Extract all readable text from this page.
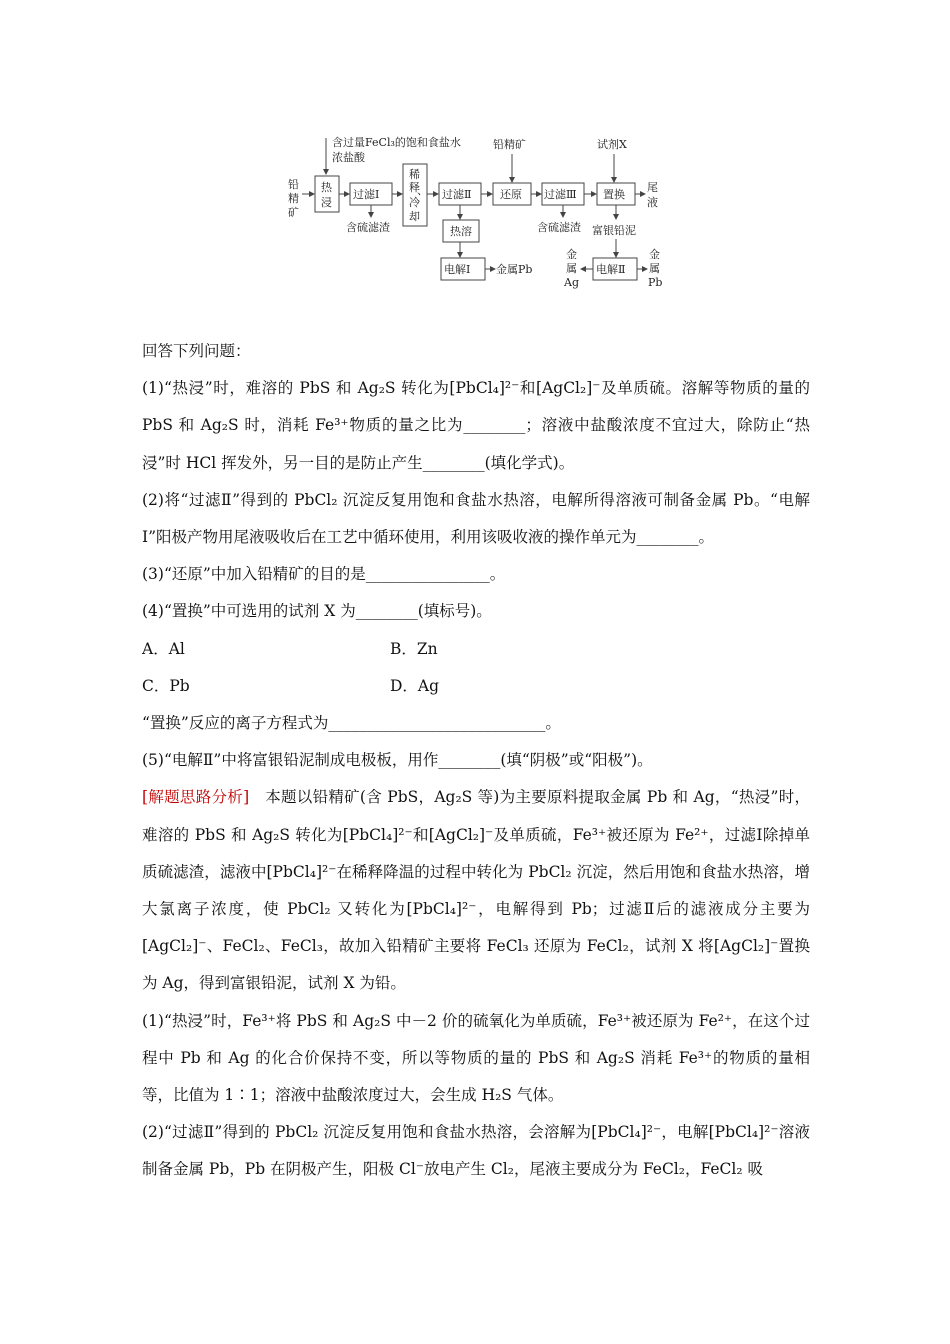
铅
精
矿
含过量FeCl₃的饱和食盐水
浓盐酸
热
浸
过滤Ⅰ
含硫滤渣
稀
释
、
冷
却
过滤Ⅱ
热溶
电解Ⅰ 金属Pb
铅精矿
还原 过滤Ⅲ
含硫滤渣
试剂X
置换
尾
液
富银铅泥
电解Ⅱ
金
属
Ag
金
属
Pb

回答下列问题：

(1)“热浸”时，难溶的 PbS 和 Ag₂S 转化为[PbCl₄]²⁻和[AgCl₂]⁻及单质硫。溶解等物质的量的 PbS 和 Ag₂S 时，消耗 Fe³⁺物质的量之比为________；溶液中盐酸浓度不宜过大，除防止“热浸”时 HCl 挥发外，另一目的是防止产生________(填化学式)。

(2)将“过滤Ⅱ”得到的 PbCl₂ 沉淀反复用饱和食盐水热溶，电解所得溶液可制备金属 Pb。“电解Ⅰ”阳极产物用尾液吸收后在工艺中循环使用，利用该吸收液的操作单元为________。

(3)“还原”中加入铅精矿的目的是________________。

(4)“置换”中可选用的试剂 X 为________(填标号)。

A．Al	B．Zn

C．Pb	D．Ag

“置换”反应的离子方程式为____________________________。

(5)“电解Ⅱ”中将富银铅泥制成电极板，用作________(填“阴极”或“阳极”)。

[解题思路分析]　本题以铅精矿(含 PbS，Ag₂S 等)为主要原料提取金属 Pb 和 Ag，“热浸”时，难溶的 PbS 和 Ag₂S 转化为[PbCl₄]²⁻和[AgCl₂]⁻及单质硫，Fe³⁺被还原为 Fe²⁺，过滤Ⅰ除掉单质硫滤渣，滤液中[PbCl₄]²⁻在稀释降温的过程中转化为 PbCl₂ 沉淀，然后用饱和食盐水热溶，增大氯离子浓度，使 PbCl₂ 又转化为[PbCl₄]²⁻，电解得到 Pb；过滤Ⅱ后的滤液成分主要为[AgCl₂]⁻、FeCl₂、FeCl₃，故加入铅精矿主要将 FeCl₃ 还原为 FeCl₂，试剂 X 将[AgCl₂]⁻置换为 Ag，得到富银铅泥，试剂 X 为铅。

(1)“热浸”时，Fe³⁺将 PbS 和 Ag₂S 中－2 价的硫氧化为单质硫，Fe³⁺被还原为 Fe²⁺，在这个过程中 Pb 和 Ag 的化合价保持不变，所以等物质的量的 PbS 和 Ag₂S 消耗 Fe³⁺的物质的量相等，比值为 1∶1；溶液中盐酸浓度过大，会生成 H₂S 气体。

(2)“过滤Ⅱ”得到的 PbCl₂ 沉淀反复用饱和食盐水热溶，会溶解为[PbCl₄]²⁻，电解[PbCl₄]²⁻溶液制备金属 Pb，Pb 在阴极产生，阳极 Cl⁻放电产生 Cl₂，尾液主要成分为 FeCl₂，FeCl₂ 吸
